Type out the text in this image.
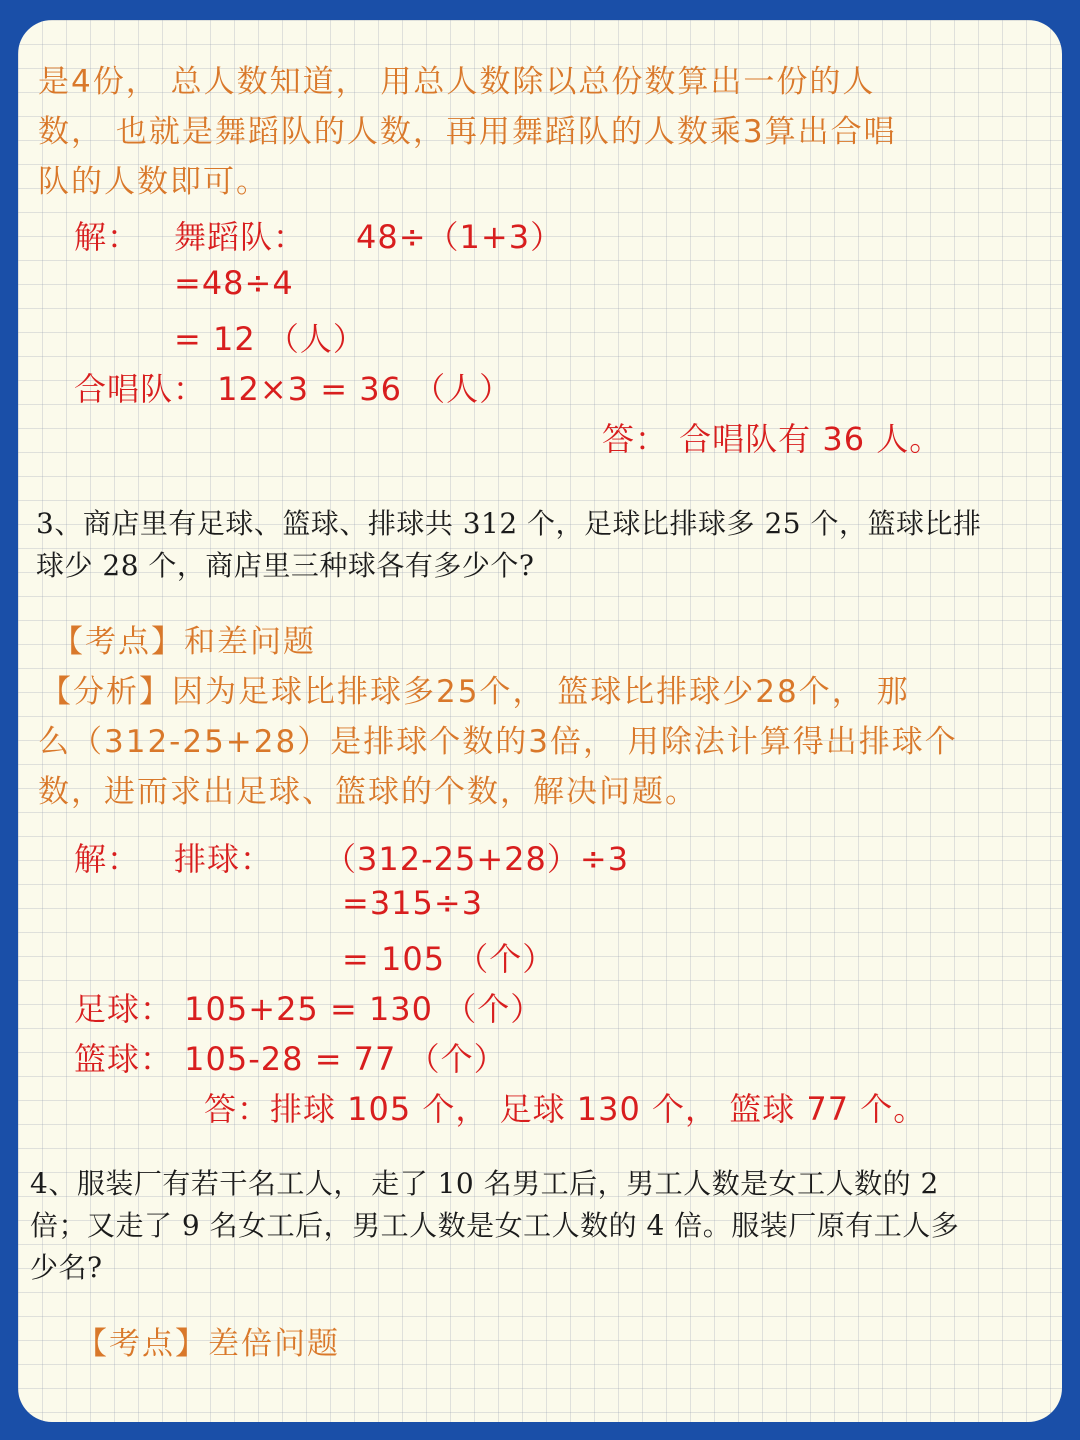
是4份， 总人数知道， 用总人数除以总份数算出一份的人

数， 也就是舞蹈队的人数，再用舞蹈队的人数乘3算出合唱

队的人数即可。

解： 舞蹈队： 48÷（1+3）

=48÷4

= 12 （人）

合唱队： 12×3 = 36 （人）

答： 合唱队有 36 人。

3、商店里有足球、篮球、排球共 312 个，足球比排球多 25 个，篮球比排

球少 28 个，商店里三种球各有多少个?

【考点】和差问题

【分析】因为足球比排球多25个， 篮球比排球少28个， 那

么（312-25+28）是排球个数的3倍， 用除法计算得出排球个

数，进而求出足球、篮球的个数，解决问题。

解： 排球： （312-25+28）÷3

=315÷3

= 105 （个）

足球： 105+25 = 130 （个）

篮球： 105-28 = 77 （个）

答：排球 105 个， 足球 130 个， 篮球 77 个。

4、服装厂有若干名工人， 走了 10 名男工后，男工人数是女工人数的 2

倍；又走了 9 名女工后，男工人数是女工人数的 4 倍。服装厂原有工人多

少名?

【考点】差倍问题
